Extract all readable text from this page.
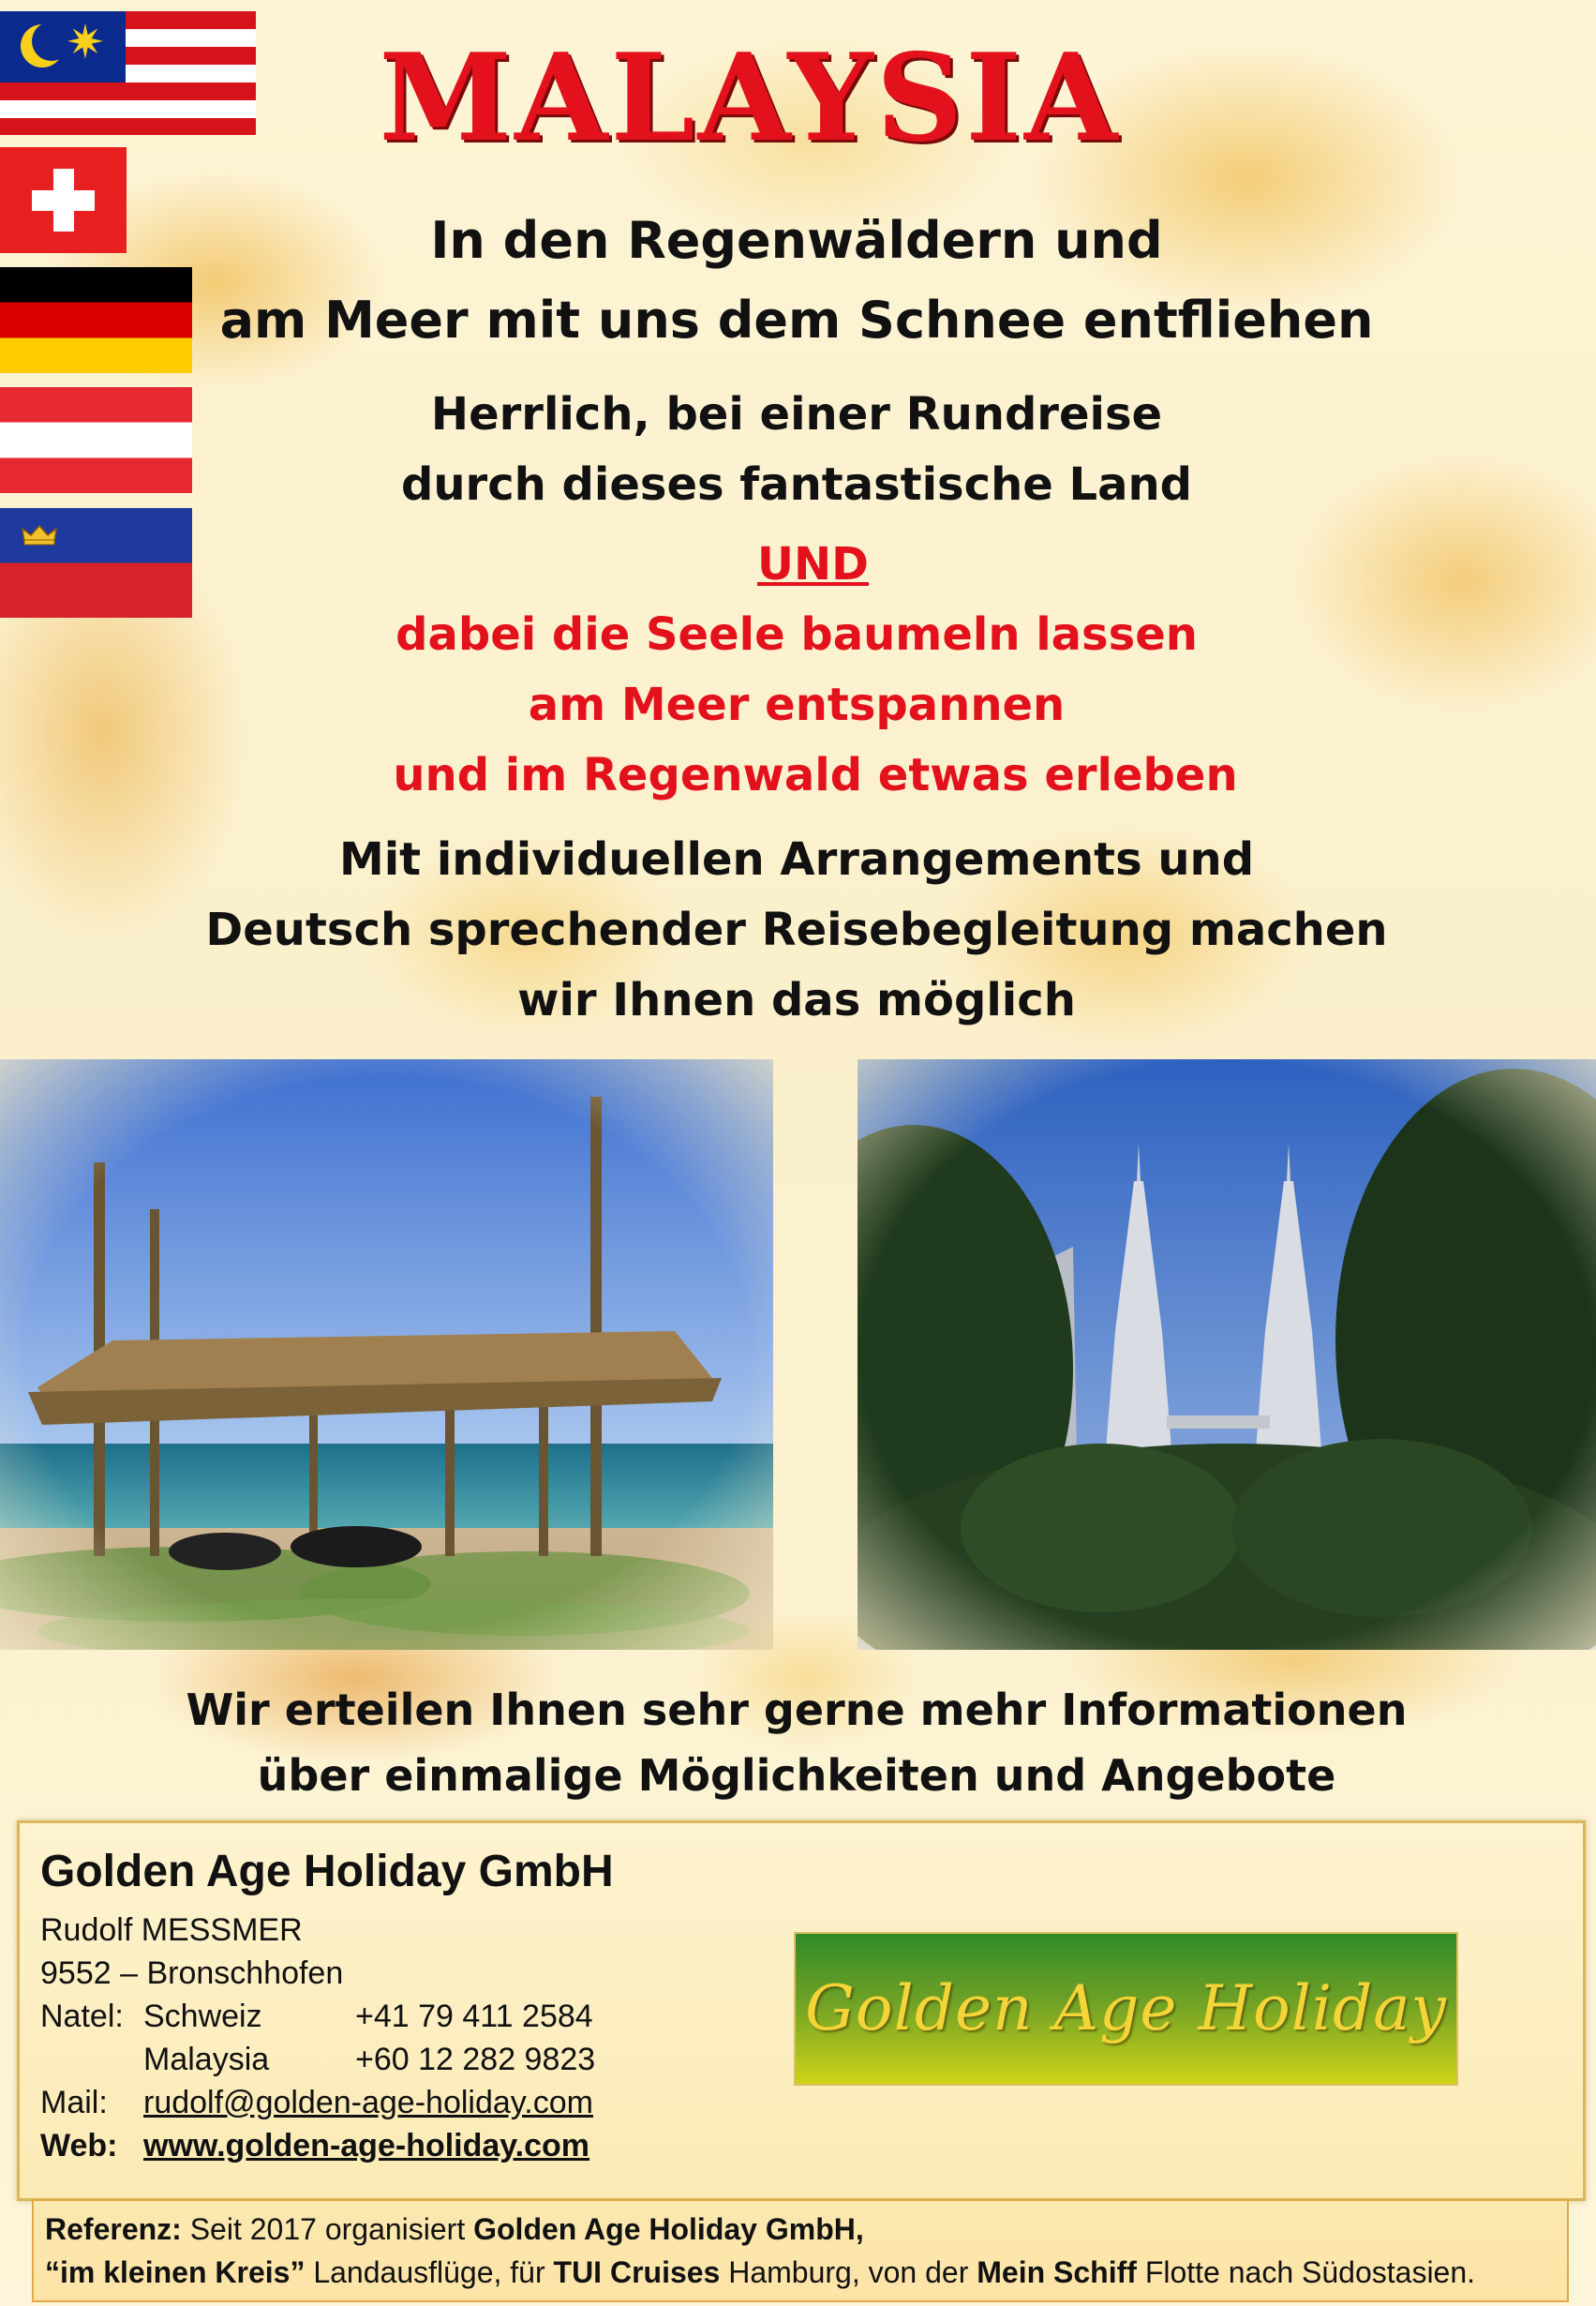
✷	MALAYSIA
In den Regenwäldern und
am Meer mit uns dem Schnee entfliehen
Herrlich, bei einer Rundreise
durch dieses fantastische Land
UND
dabei die Seele baumeln lassen
am Meer entspannen
und im Regenwald etwas erleben
Mit individuellen Arrangements und
Deutsch sprechender Reisebegleitung machen
wir Ihnen das möglich
Wir erteilen Ihnen sehr gerne mehr Informationen
über einmalige Möglichkeiten und Angebote
Golden Age Holiday GmbH
Rudolf MESSMER
9552 – Bronschhofen
Natel: Schweiz	+41 79 411 2584
Malaysia	+60 12 282 9823
Mail: rudolf@golden-age-holiday.com
Web: www.golden-age-holiday.com
Golden Age Holiday
Referenz: Seit 2017 organisiert Golden Age Holiday GmbH,
“im kleinen Kreis” Landausflüge, für TUI Cruises Hamburg, von der Mein Schiff Flotte nach Südostasien.
